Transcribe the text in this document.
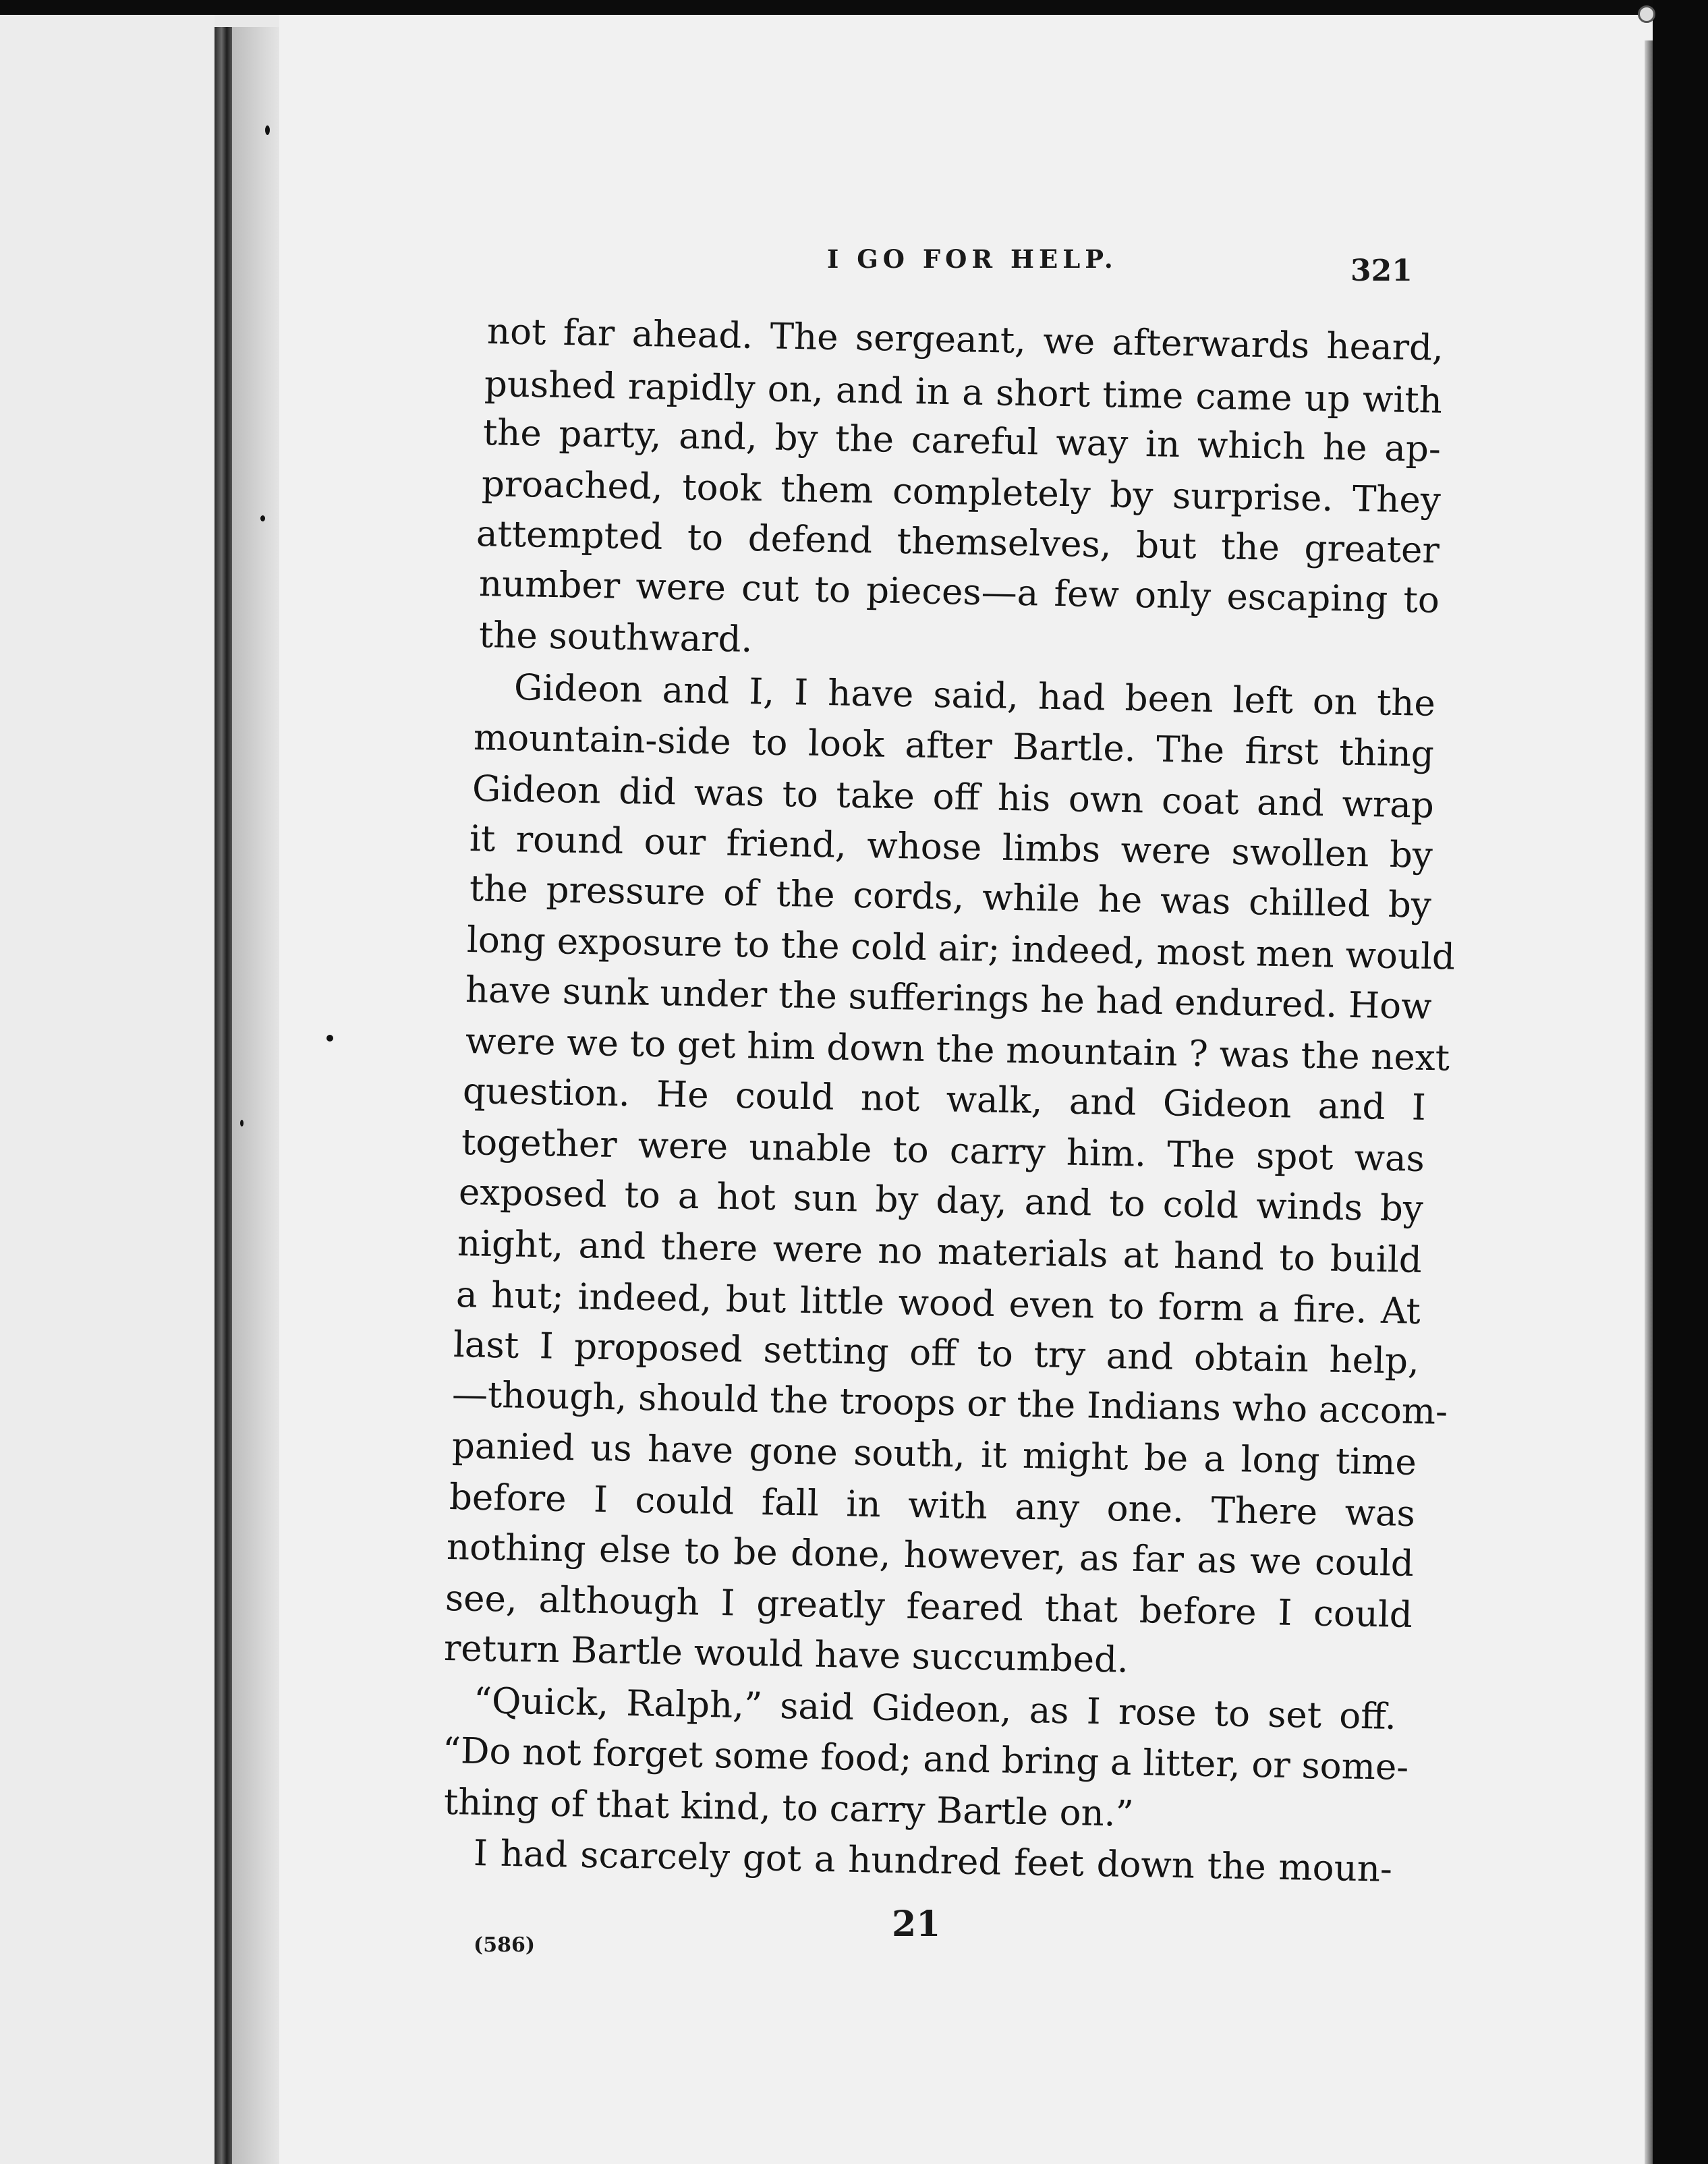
I GO FOR HELP.	321
not far ahead. The sergeant, we afterwards heard,
pushed rapidly on, and in a short time came up with
the party, and, by the careful way in which he ap-
proached, took them completely by surprise. They
attempted to defend themselves, but the greater
number were cut to pieces—a few only escaping to
the southward.
Gideon and I, I have said, had been left on the
mountain-side to look after Bartle. The first thing
Gideon did was to take off his own coat and wrap
it round our friend, whose limbs were swollen by
the pressure of the cords, while he was chilled by
long exposure to the cold air; indeed, most men would
have sunk under the sufferings he had endured. How
were we to get him down the mountain ? was the next
question. He could not walk, and Gideon and I
together were unable to carry him. The spot was
exposed to a hot sun by day, and to cold winds by
night, and there were no materials at hand to build
a hut; indeed, but little wood even to form a fire. At
last I proposed setting off to try and obtain help,
—though, should the troops or the Indians who accom-
panied us have gone south, it might be a long time
before I could fall in with any one. There was
nothing else to be done, however, as far as we could
see, although I greatly feared that before I could
return Bartle would have succumbed.
“Quick, Ralph,” said Gideon, as I rose to set off.
“Do not forget some food; and bring a litter, or some-
thing of that kind, to carry Bartle on.”
I had scarcely got a hundred feet down the moun-
(586)
21
